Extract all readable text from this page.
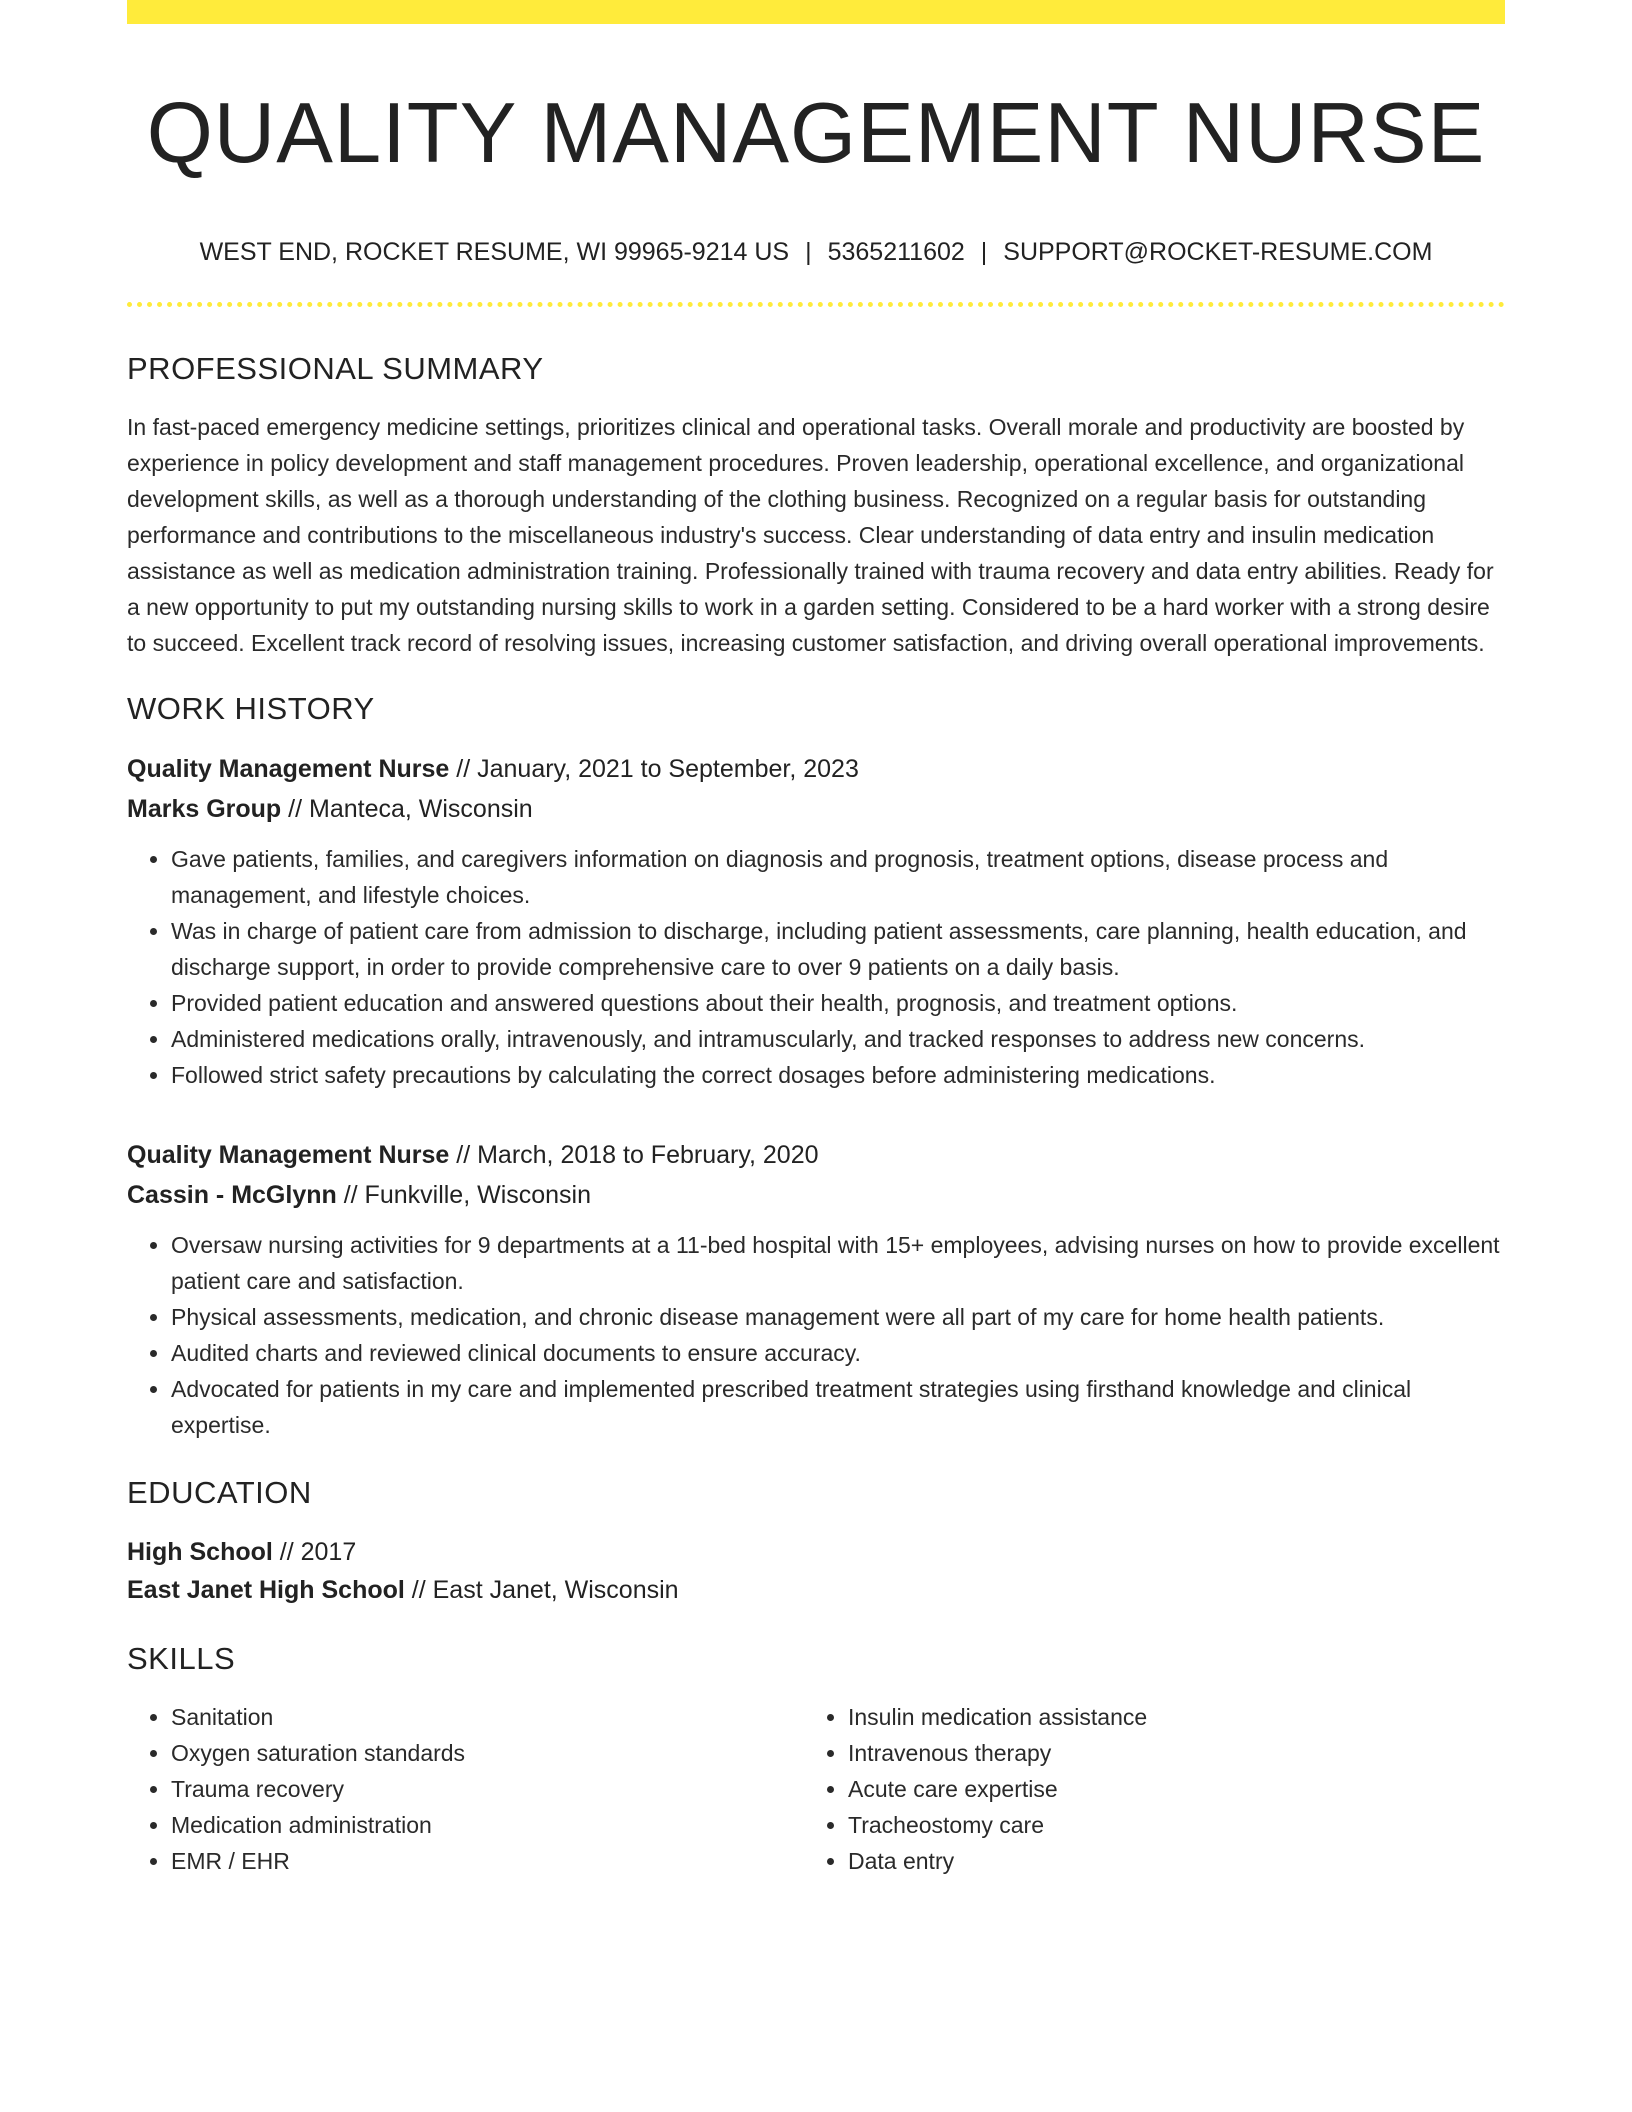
QUALITY MANAGEMENT NURSE
WEST END, ROCKET RESUME, WI 99965-9214 US | 5365211602 | SUPPORT@ROCKET-RESUME.COM
PROFESSIONAL SUMMARY
In fast-paced emergency medicine settings, prioritizes clinical and operational tasks. Overall morale and productivity are boosted by experience in policy development and staff management procedures. Proven leadership, operational excellence, and organizational development skills, as well as a thorough understanding of the clothing business. Recognized on a regular basis for outstanding performance and contributions to the miscellaneous industry's success. Clear understanding of data entry and insulin medication assistance as well as medication administration training. Professionally trained with trauma recovery and data entry abilities. Ready for a new opportunity to put my outstanding nursing skills to work in a garden setting. Considered to be a hard worker with a strong desire to succeed. Excellent track record of resolving issues, increasing customer satisfaction, and driving overall operational improvements.
WORK HISTORY
Quality Management Nurse // January, 2021 to September, 2023
Marks Group // Manteca, Wisconsin
• Gave patients, families, and caregivers information on diagnosis and prognosis, treatment options, disease process and management, and lifestyle choices.
• Was in charge of patient care from admission to discharge, including patient assessments, care planning, health education, and discharge support, in order to provide comprehensive care to over 9 patients on a daily basis.
• Provided patient education and answered questions about their health, prognosis, and treatment options.
• Administered medications orally, intravenously, and intramuscularly, and tracked responses to address new concerns.
• Followed strict safety precautions by calculating the correct dosages before administering medications.
Quality Management Nurse // March, 2018 to February, 2020
Cassin - McGlynn // Funkville, Wisconsin
• Oversaw nursing activities for 9 departments at a 11-bed hospital with 15+ employees, advising nurses on how to provide excellent patient care and satisfaction.
• Physical assessments, medication, and chronic disease management were all part of my care for home health patients.
• Audited charts and reviewed clinical documents to ensure accuracy.
• Advocated for patients in my care and implemented prescribed treatment strategies using firsthand knowledge and clinical expertise.
EDUCATION
High School // 2017
East Janet High School // East Janet, Wisconsin
SKILLS
• Sanitation
• Oxygen saturation standards
• Trauma recovery
• Medication administration
• EMR / EHR
• Insulin medication assistance
• Intravenous therapy
• Acute care expertise
• Tracheostomy care
• Data entry
